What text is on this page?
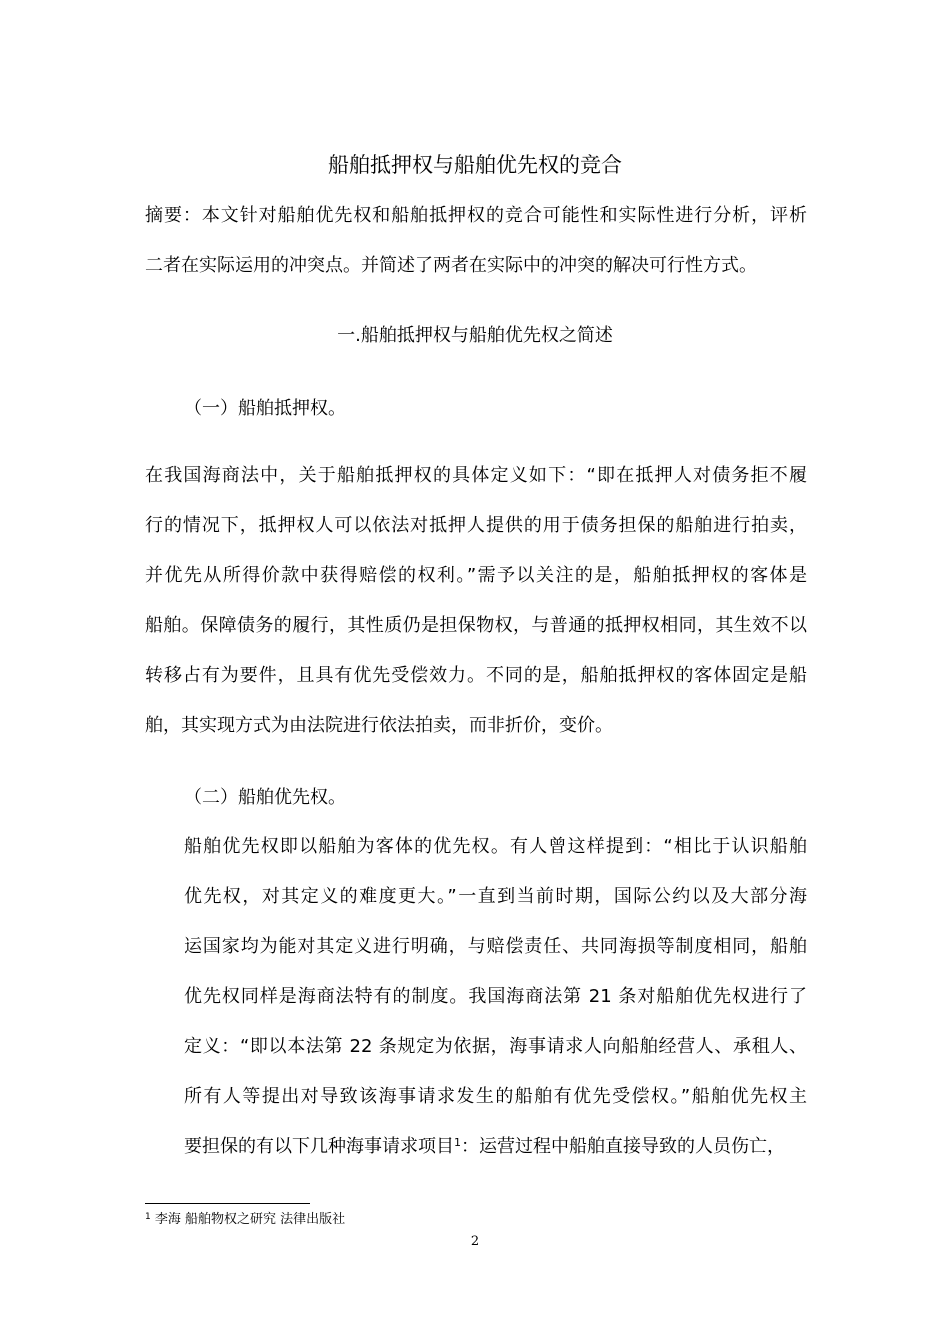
船舶抵押权与船舶优先权的竞合

摘要：本文针对船舶优先权和船舶抵押权的竞合可能性和实际性进行分析，评析

二者在实际运用的冲突点。并简述了两者在实际中的冲突的解决可行性方式。

一.船舶抵押权与船舶优先权之简述

（一）船舶抵押权。

在我国海商法中，关于船舶抵押权的具体定义如下：“即在抵押人对债务拒不履

行的情况下，抵押权人可以依法对抵押人提供的用于债务担保的船舶进行拍卖，

并优先从所得价款中获得赔偿的权利。”需予以关注的是，船舶抵押权的客体是

船舶。保障债务的履行，其性质仍是担保物权，与普通的抵押权相同，其生效不以

转移占有为要件，且具有优先受偿效力。不同的是，船舶抵押权的客体固定是船

舶，其实现方式为由法院进行依法拍卖，而非折价，变价。

（二）船舶优先权。

船舶优先权即以船舶为客体的优先权。有人曾这样提到：“相比于认识船舶

优先权，对其定义的难度更大。”一直到当前时期，国际公约以及大部分海

运国家均为能对其定义进行明确，与赔偿责任、共同海损等制度相同，船舶

优先权同样是海商法特有的制度。我国海商法第 21 条对船舶优先权进行了

定义：“即以本法第 22 条规定为依据，海事请求人向船舶经营人、承租人、

所有人等提出对导致该海事请求发生的船舶有优先受偿权。”船舶优先权主

要担保的有以下几种海事请求项目$^1$：运营过程中船舶直接导致的人员伤亡，

$^1$ 李海 船舶物权之研究 法律出版社
2
